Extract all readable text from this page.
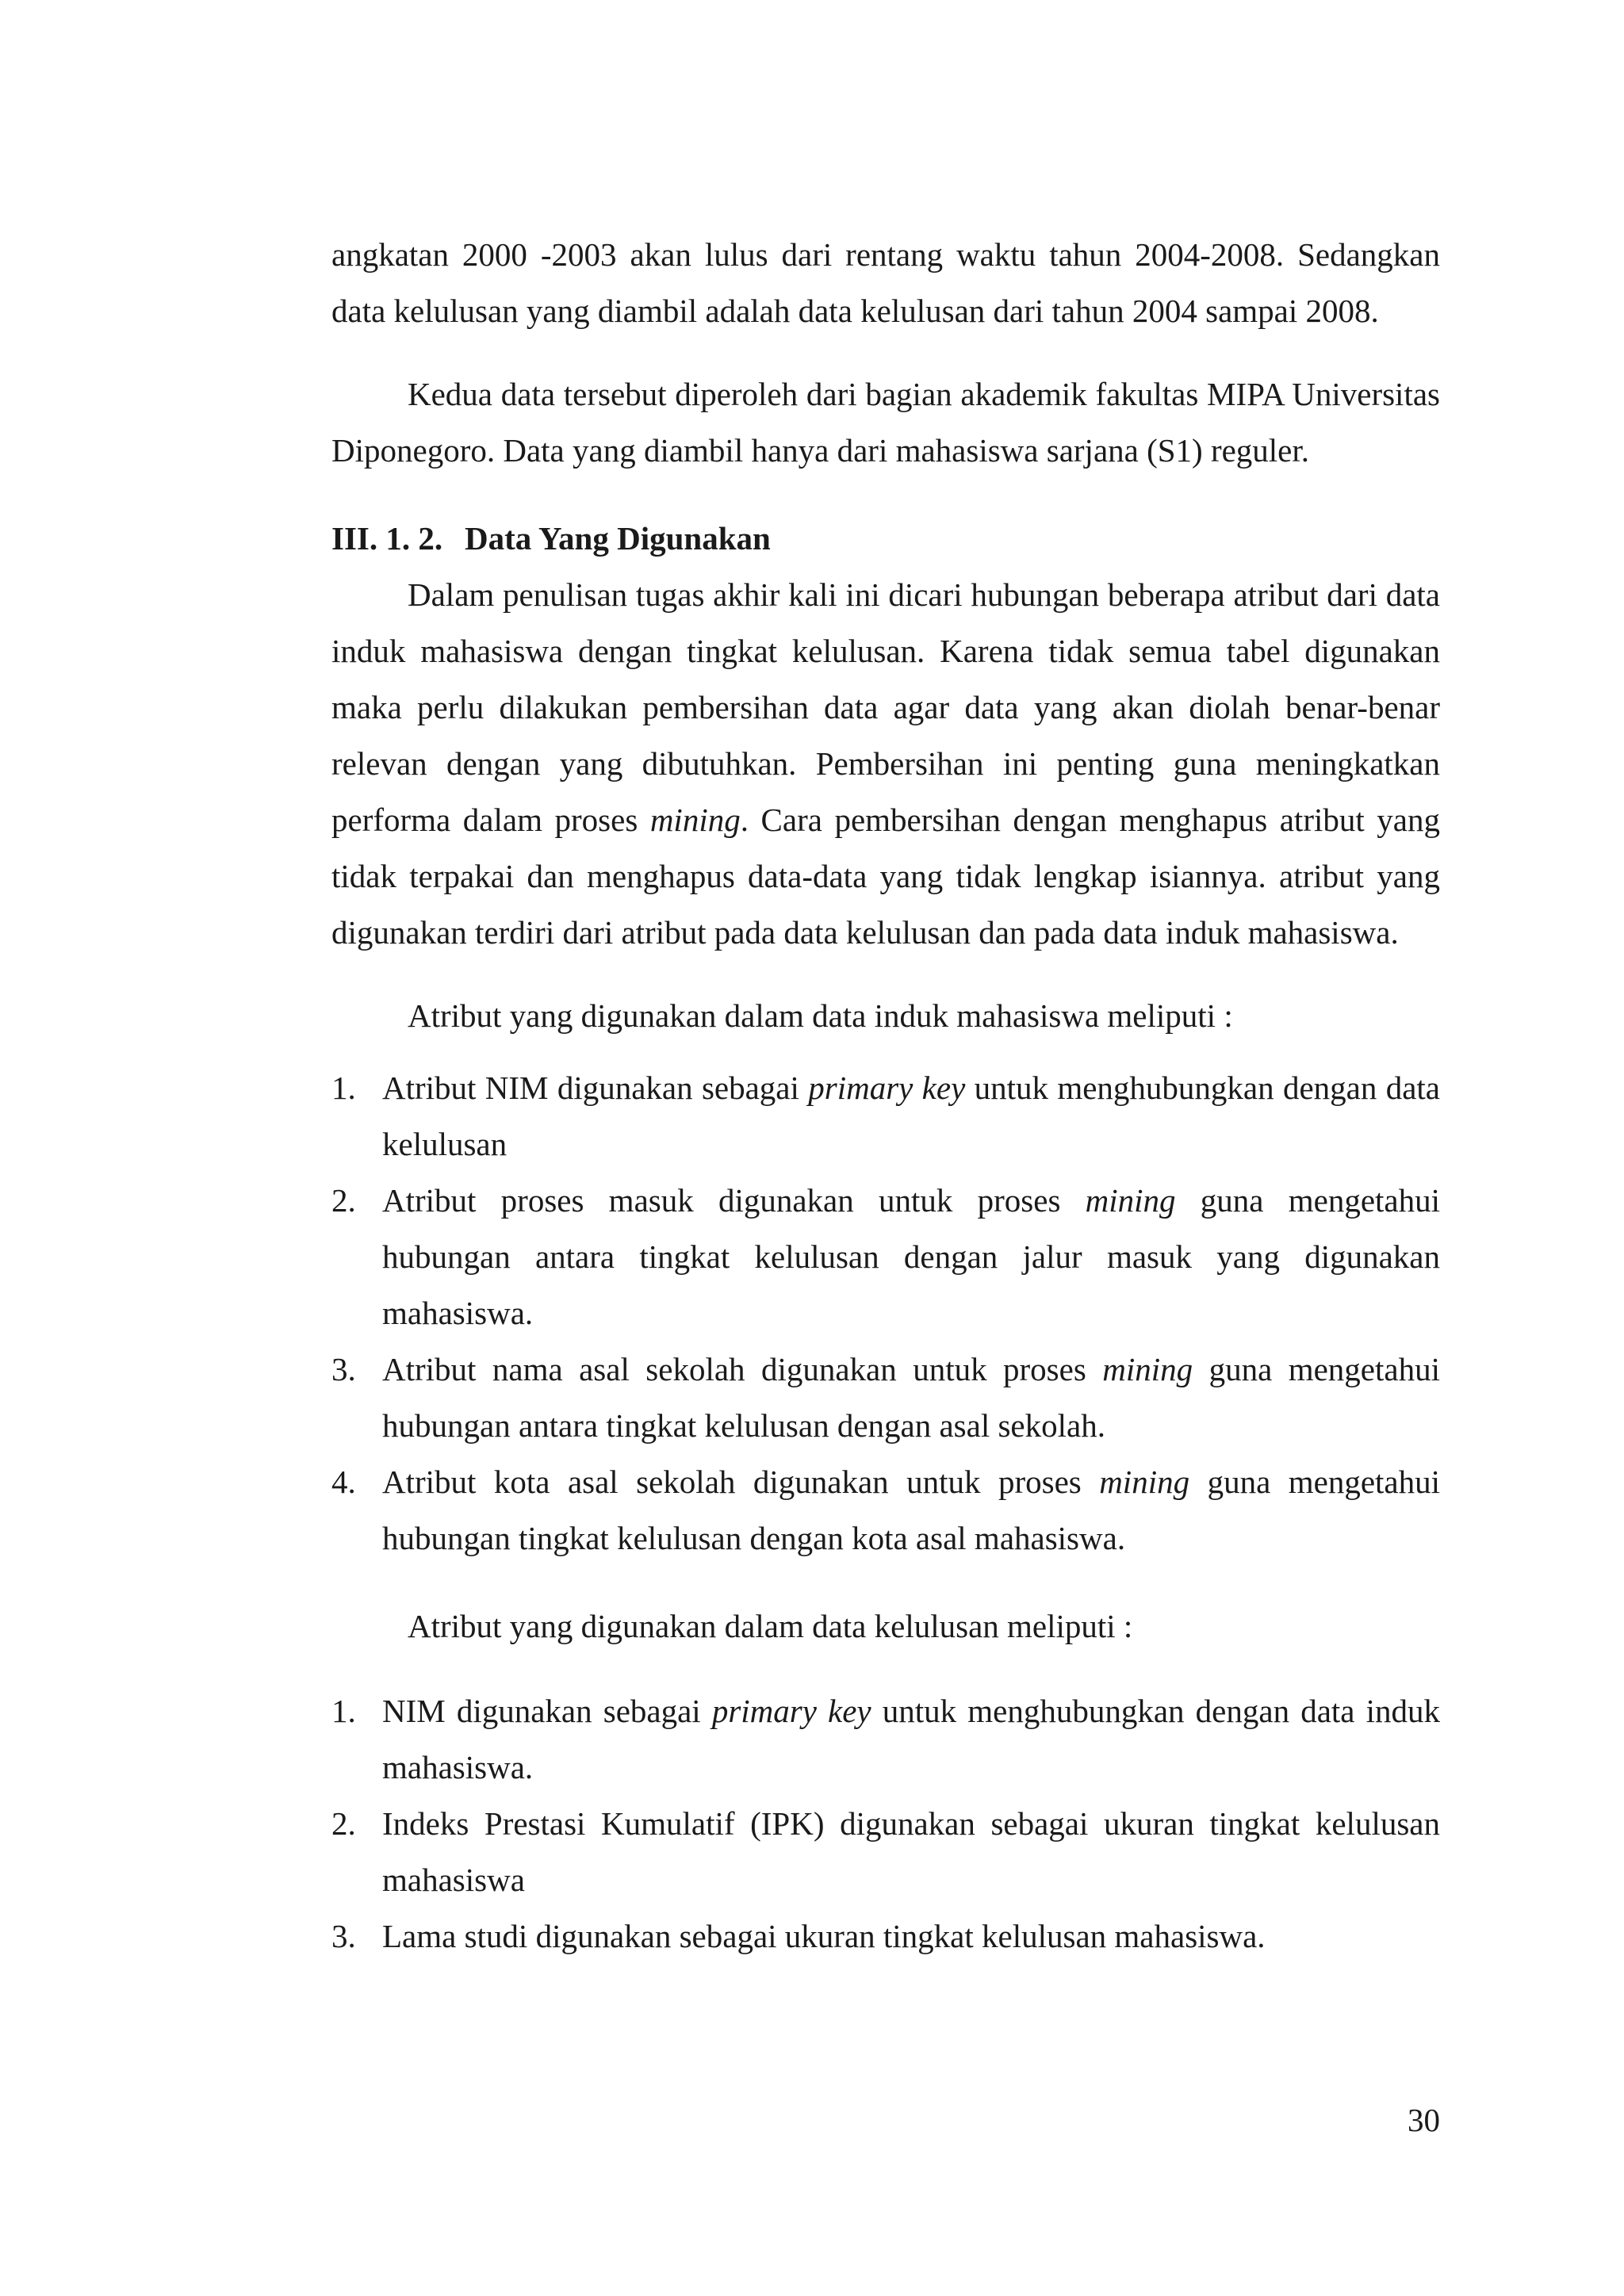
angkatan 2000 -2003 akan lulus dari rentang waktu tahun 2004-2008. Sedangkan data kelulusan yang diambil adalah data kelulusan dari tahun 2004 sampai 2008.

Kedua data tersebut diperoleh dari bagian akademik fakultas MIPA Universitas Diponegoro. Data yang diambil hanya dari mahasiswa sarjana (S1) reguler.

III. 1. 2. Data Yang Digunakan

Dalam penulisan tugas akhir kali ini dicari hubungan beberapa atribut dari data induk mahasiswa dengan tingkat kelulusan. Karena tidak semua tabel digunakan maka perlu dilakukan pembersihan data agar data yang akan diolah benar-benar relevan dengan yang dibutuhkan. Pembersihan ini penting guna meningkatkan performa dalam proses mining. Cara pembersihan dengan menghapus atribut yang tidak terpakai dan menghapus data-data yang tidak lengkap isiannya. atribut yang digunakan terdiri dari atribut pada data kelulusan dan pada data induk mahasiswa.

Atribut yang digunakan dalam data induk mahasiswa meliputi :

1. Atribut NIM digunakan sebagai primary key untuk menghubungkan dengan data kelulusan
2. Atribut proses masuk digunakan untuk proses mining guna mengetahui hubungan antara tingkat kelulusan dengan jalur masuk yang digunakan mahasiswa.
3. Atribut nama asal sekolah digunakan untuk proses mining guna mengetahui hubungan antara tingkat kelulusan dengan asal sekolah.
4. Atribut kota asal sekolah digunakan untuk proses mining guna mengetahui hubungan tingkat kelulusan dengan kota asal mahasiswa.

Atribut yang digunakan dalam data kelulusan meliputi :

1. NIM digunakan sebagai primary key untuk menghubungkan dengan data induk mahasiswa.
2. Indeks Prestasi Kumulatif (IPK) digunakan sebagai ukuran tingkat kelulusan mahasiswa
3. Lama studi digunakan sebagai ukuran tingkat kelulusan mahasiswa.
30
